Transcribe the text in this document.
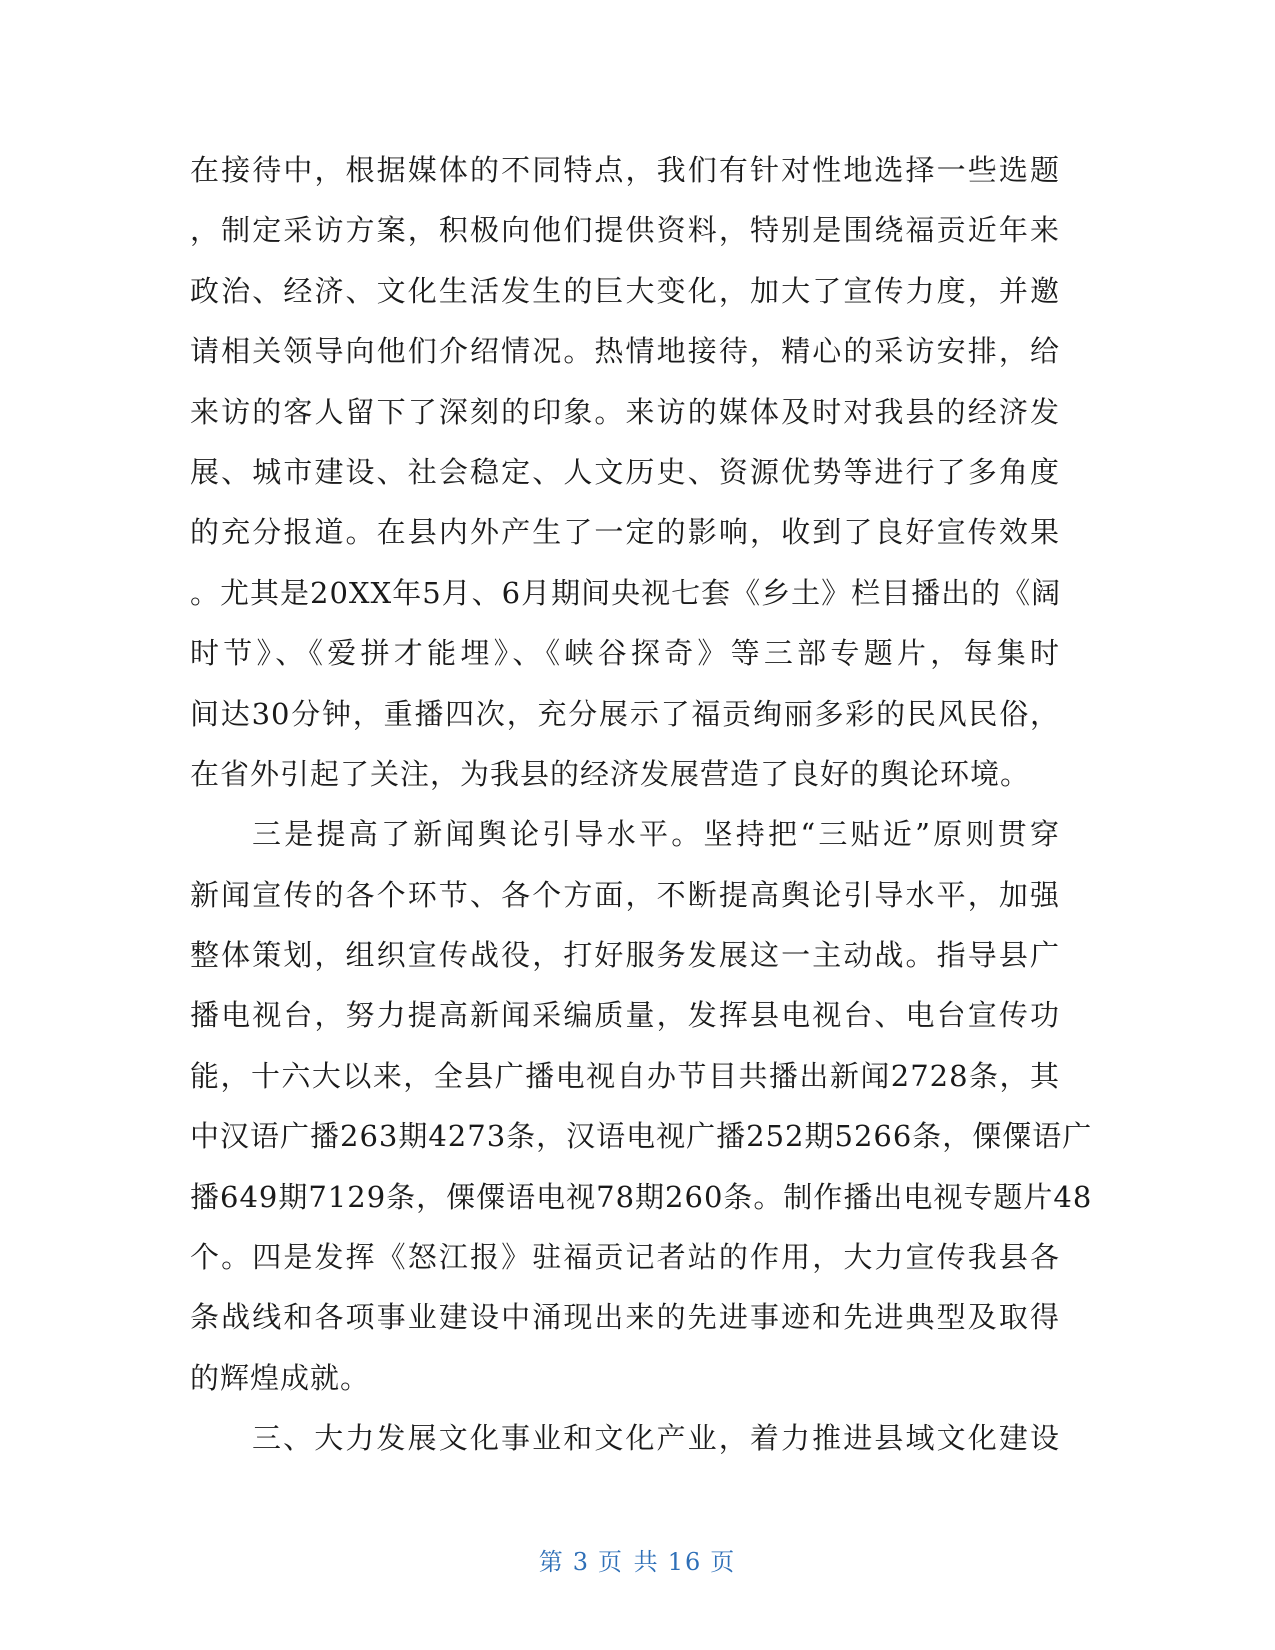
在接待中，根据媒体的不同特点，我们有针对性地选择一些选题
，制定采访方案，积极向他们提供资料，特别是围绕福贡近年来
政治、经济、文化生活发生的巨大变化，加大了宣传力度，并邀
请相关领导向他们介绍情况。热情地接待，精心的采访安排，给
来访的客人留下了深刻的印象。来访的媒体及时对我县的经济发
展、城市建设、社会稳定、人文历史、资源优势等进行了多角度
的充分报道。在县内外产生了一定的影响，收到了良好宣传效果
。尤其是20XX年5月、6月期间央视七套《乡土》栏目播出的《阔
时节》、《爱拼才能埋》、《峡谷探奇》等三部专题片，每集时
间达30分钟，重播四次，充分展示了福贡绚丽多彩的民风民俗，
在省外引起了关注，为我县的经济发展营造了良好的舆论环境。
三是提高了新闻舆论引导水平。坚持把“三贴近”原则贯穿
新闻宣传的各个环节、各个方面，不断提高舆论引导水平，加强
整体策划，组织宣传战役，打好服务发展这一主动战。指导县广
播电视台，努力提高新闻采编质量，发挥县电视台、电台宣传功
能，十六大以来，全县广播电视自办节目共播出新闻2728条，其
中汉语广播263期4273条，汉语电视广播252期5266条，傈僳语广
播649期7129条，傈僳语电视78期260条。制作播出电视专题片48
个。四是发挥《怒江报》驻福贡记者站的作用，大力宣传我县各
条战线和各项事业建设中涌现出来的先进事迹和先进典型及取得
的辉煌成就。
三、大力发展文化事业和文化产业，着力推进县域文化建设
第 3 页 共 16 页
